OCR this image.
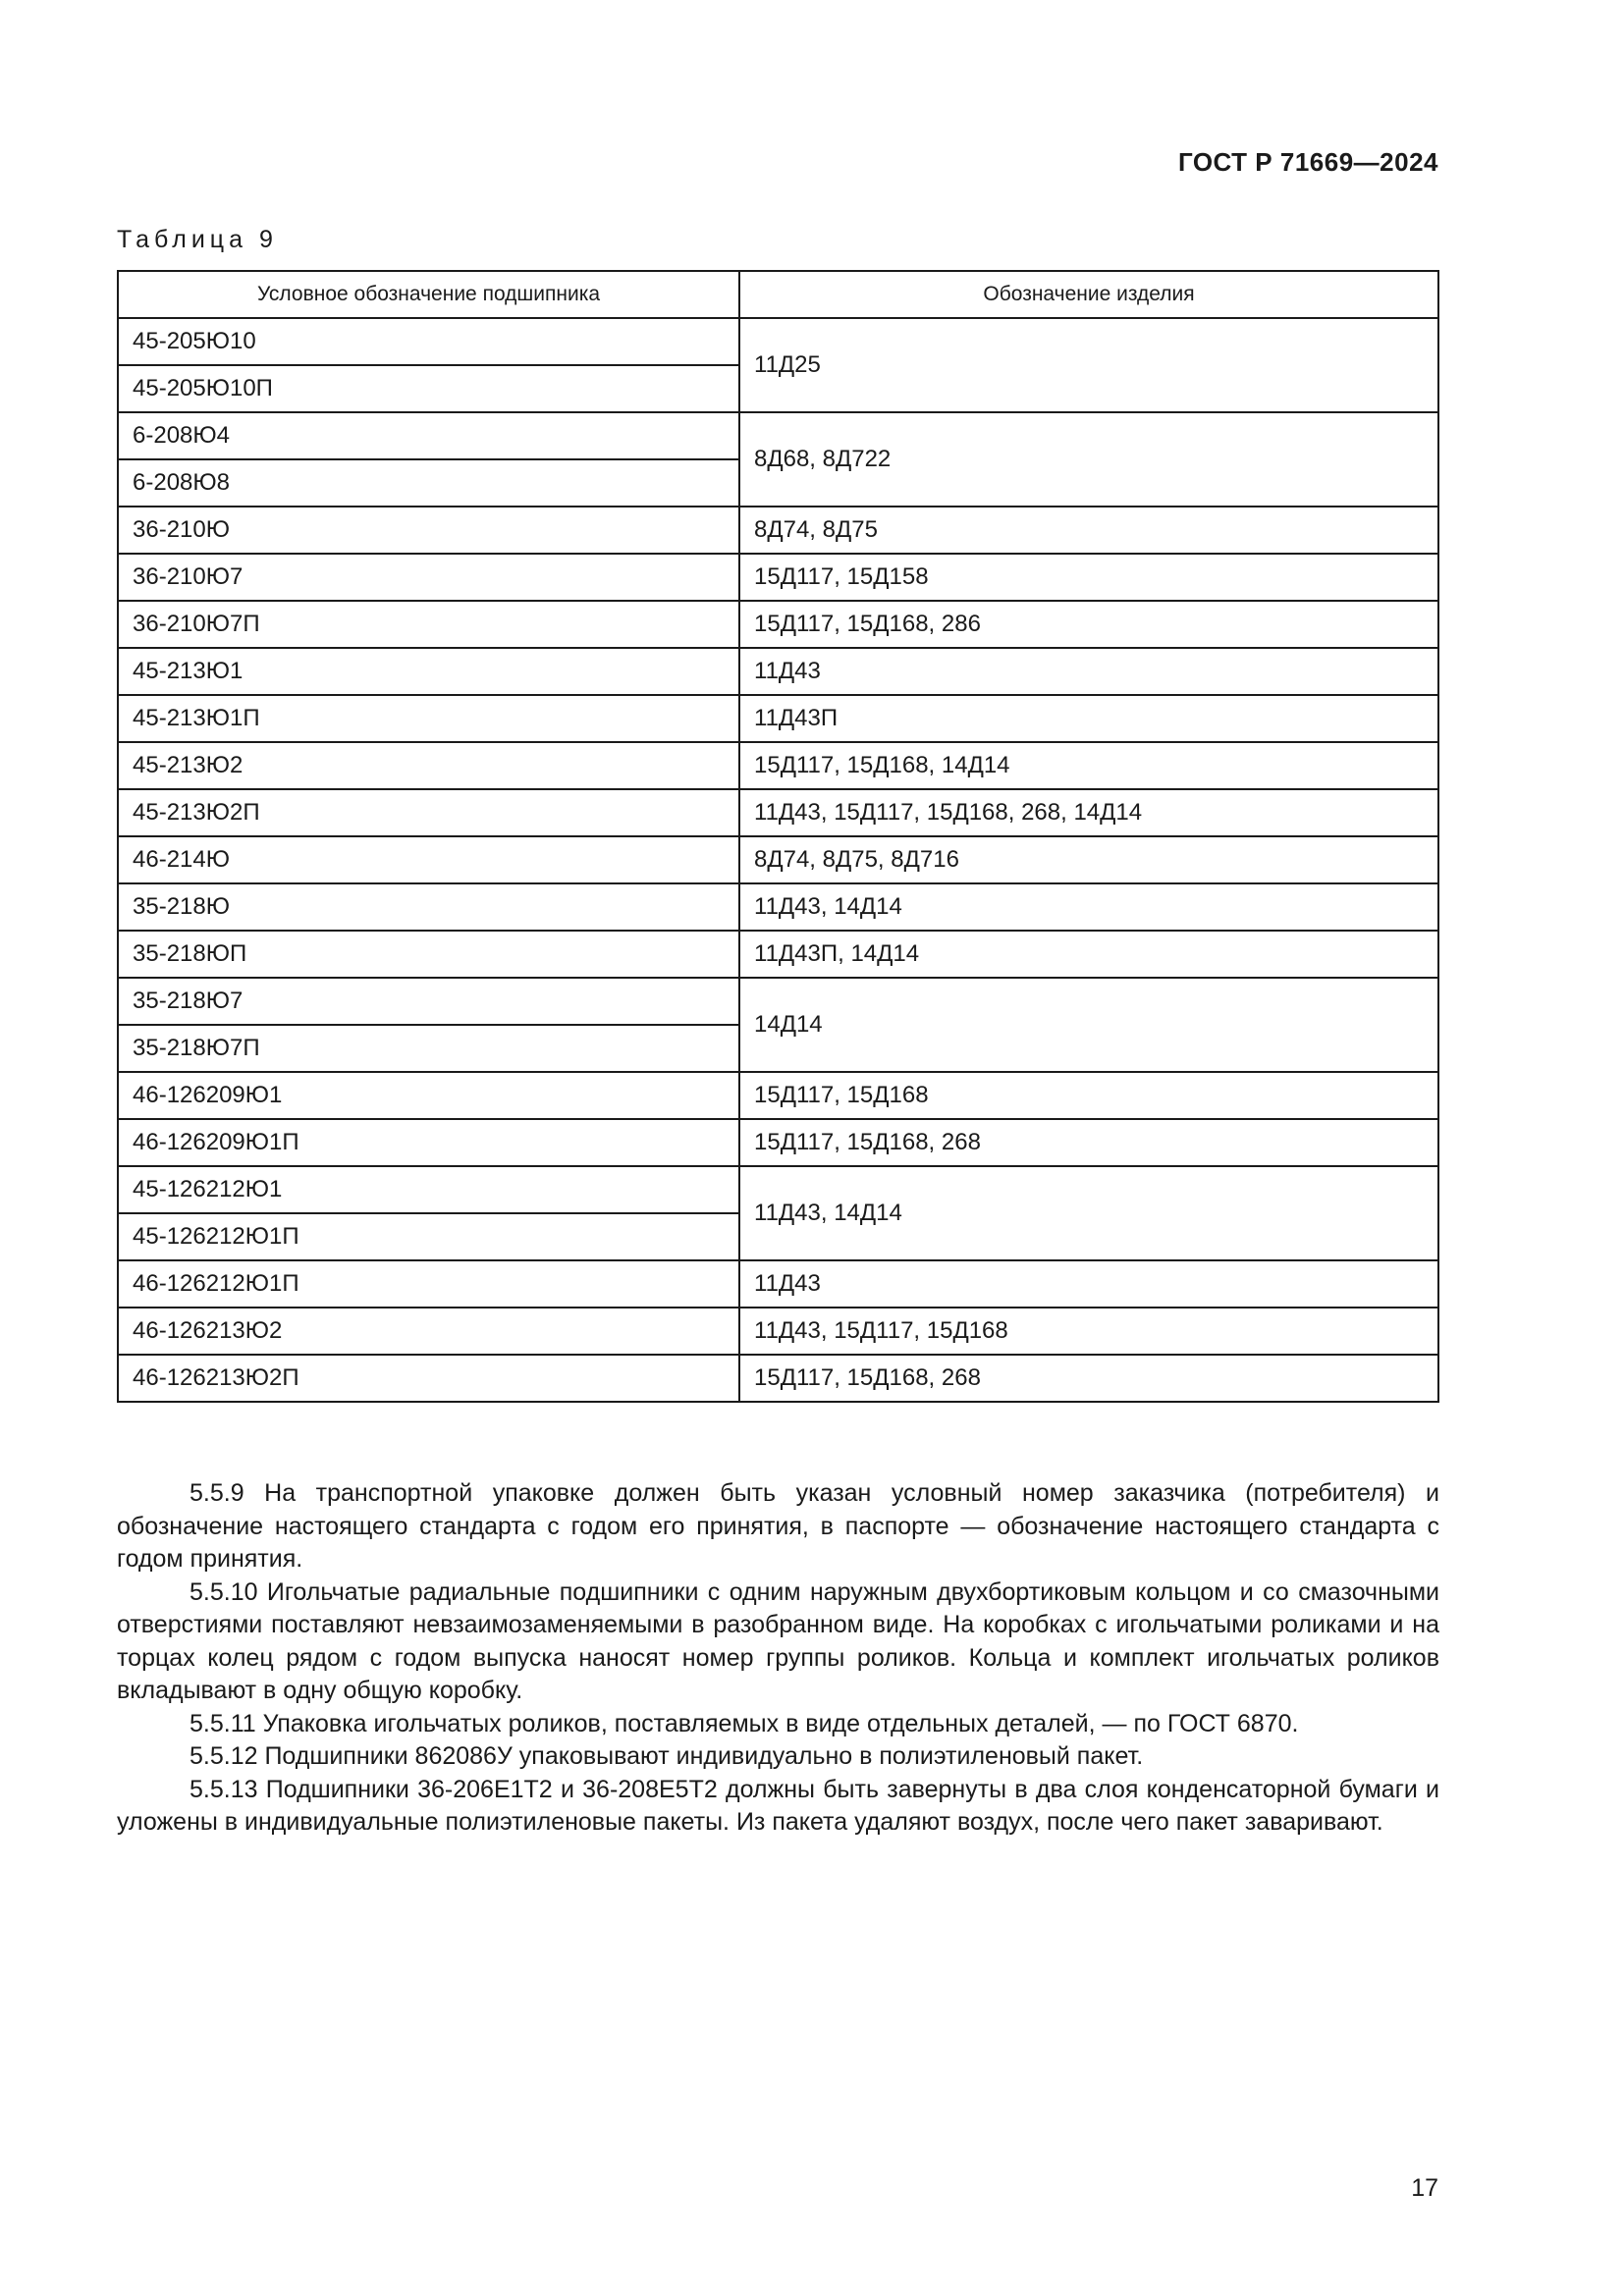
ГОСТ Р 71669—2024
Таблица 9
Условное обозначение подшипника	Обозначение изделия
45-205Ю10	11Д25
45-205Ю10П	
6-208Ю4	8Д68, 8Д722
6-208Ю8	
36-210Ю	8Д74, 8Д75
36-210Ю7	15Д117, 15Д158
36-210Ю7П	15Д117, 15Д168, 286
45-213Ю1	11Д43
45-213Ю1П	11Д43П
45-213Ю2	15Д117, 15Д168, 14Д14
45-213Ю2П	11Д43, 15Д117, 15Д168, 268, 14Д14
46-214Ю	8Д74, 8Д75, 8Д716
35-218Ю	11Д43, 14Д14
35-218ЮП	11Д43П, 14Д14
35-218Ю7	14Д14
35-218Ю7П	
46-126209Ю1	15Д117, 15Д168
46-126209Ю1П	15Д117, 15Д168, 268
45-126212Ю1	11Д43, 14Д14
45-126212Ю1П	
46-126212Ю1П	11Д43
46-126213Ю2	11Д43, 15Д117, 15Д168
46-126213Ю2П	15Д117, 15Д168, 268

5.5.9 На транспортной упаковке должен быть указан условный номер заказчика (потребителя) и обозначение настоящего стандарта с годом его принятия, в паспорте — обозначение настоящего стандарта с годом принятия.

5.5.10 Игольчатые радиальные подшипники с одним наружным двухбортиковым кольцом и со смазочными отверстиями поставляют невзаимозаменяемыми в разобранном виде. На коробках с игольчатыми роликами и на торцах колец рядом с годом выпуска наносят номер группы роликов. Кольца и комплект игольчатых роликов вкладывают в одну общую коробку.

5.5.11 Упаковка игольчатых роликов, поставляемых в виде отдельных деталей, — по ГОСТ 6870.

5.5.12 Подшипники 862086У упаковывают индивидуально в полиэтиленовый пакет.

5.5.13 Подшипники 36-206Е1Т2 и 36-208Е5Т2 должны быть завернуты в два слоя конденсаторной бумаги и уложены в индивидуальные полиэтиленовые пакеты. Из пакета удаляют воздух, после чего пакет заваривают.

17
